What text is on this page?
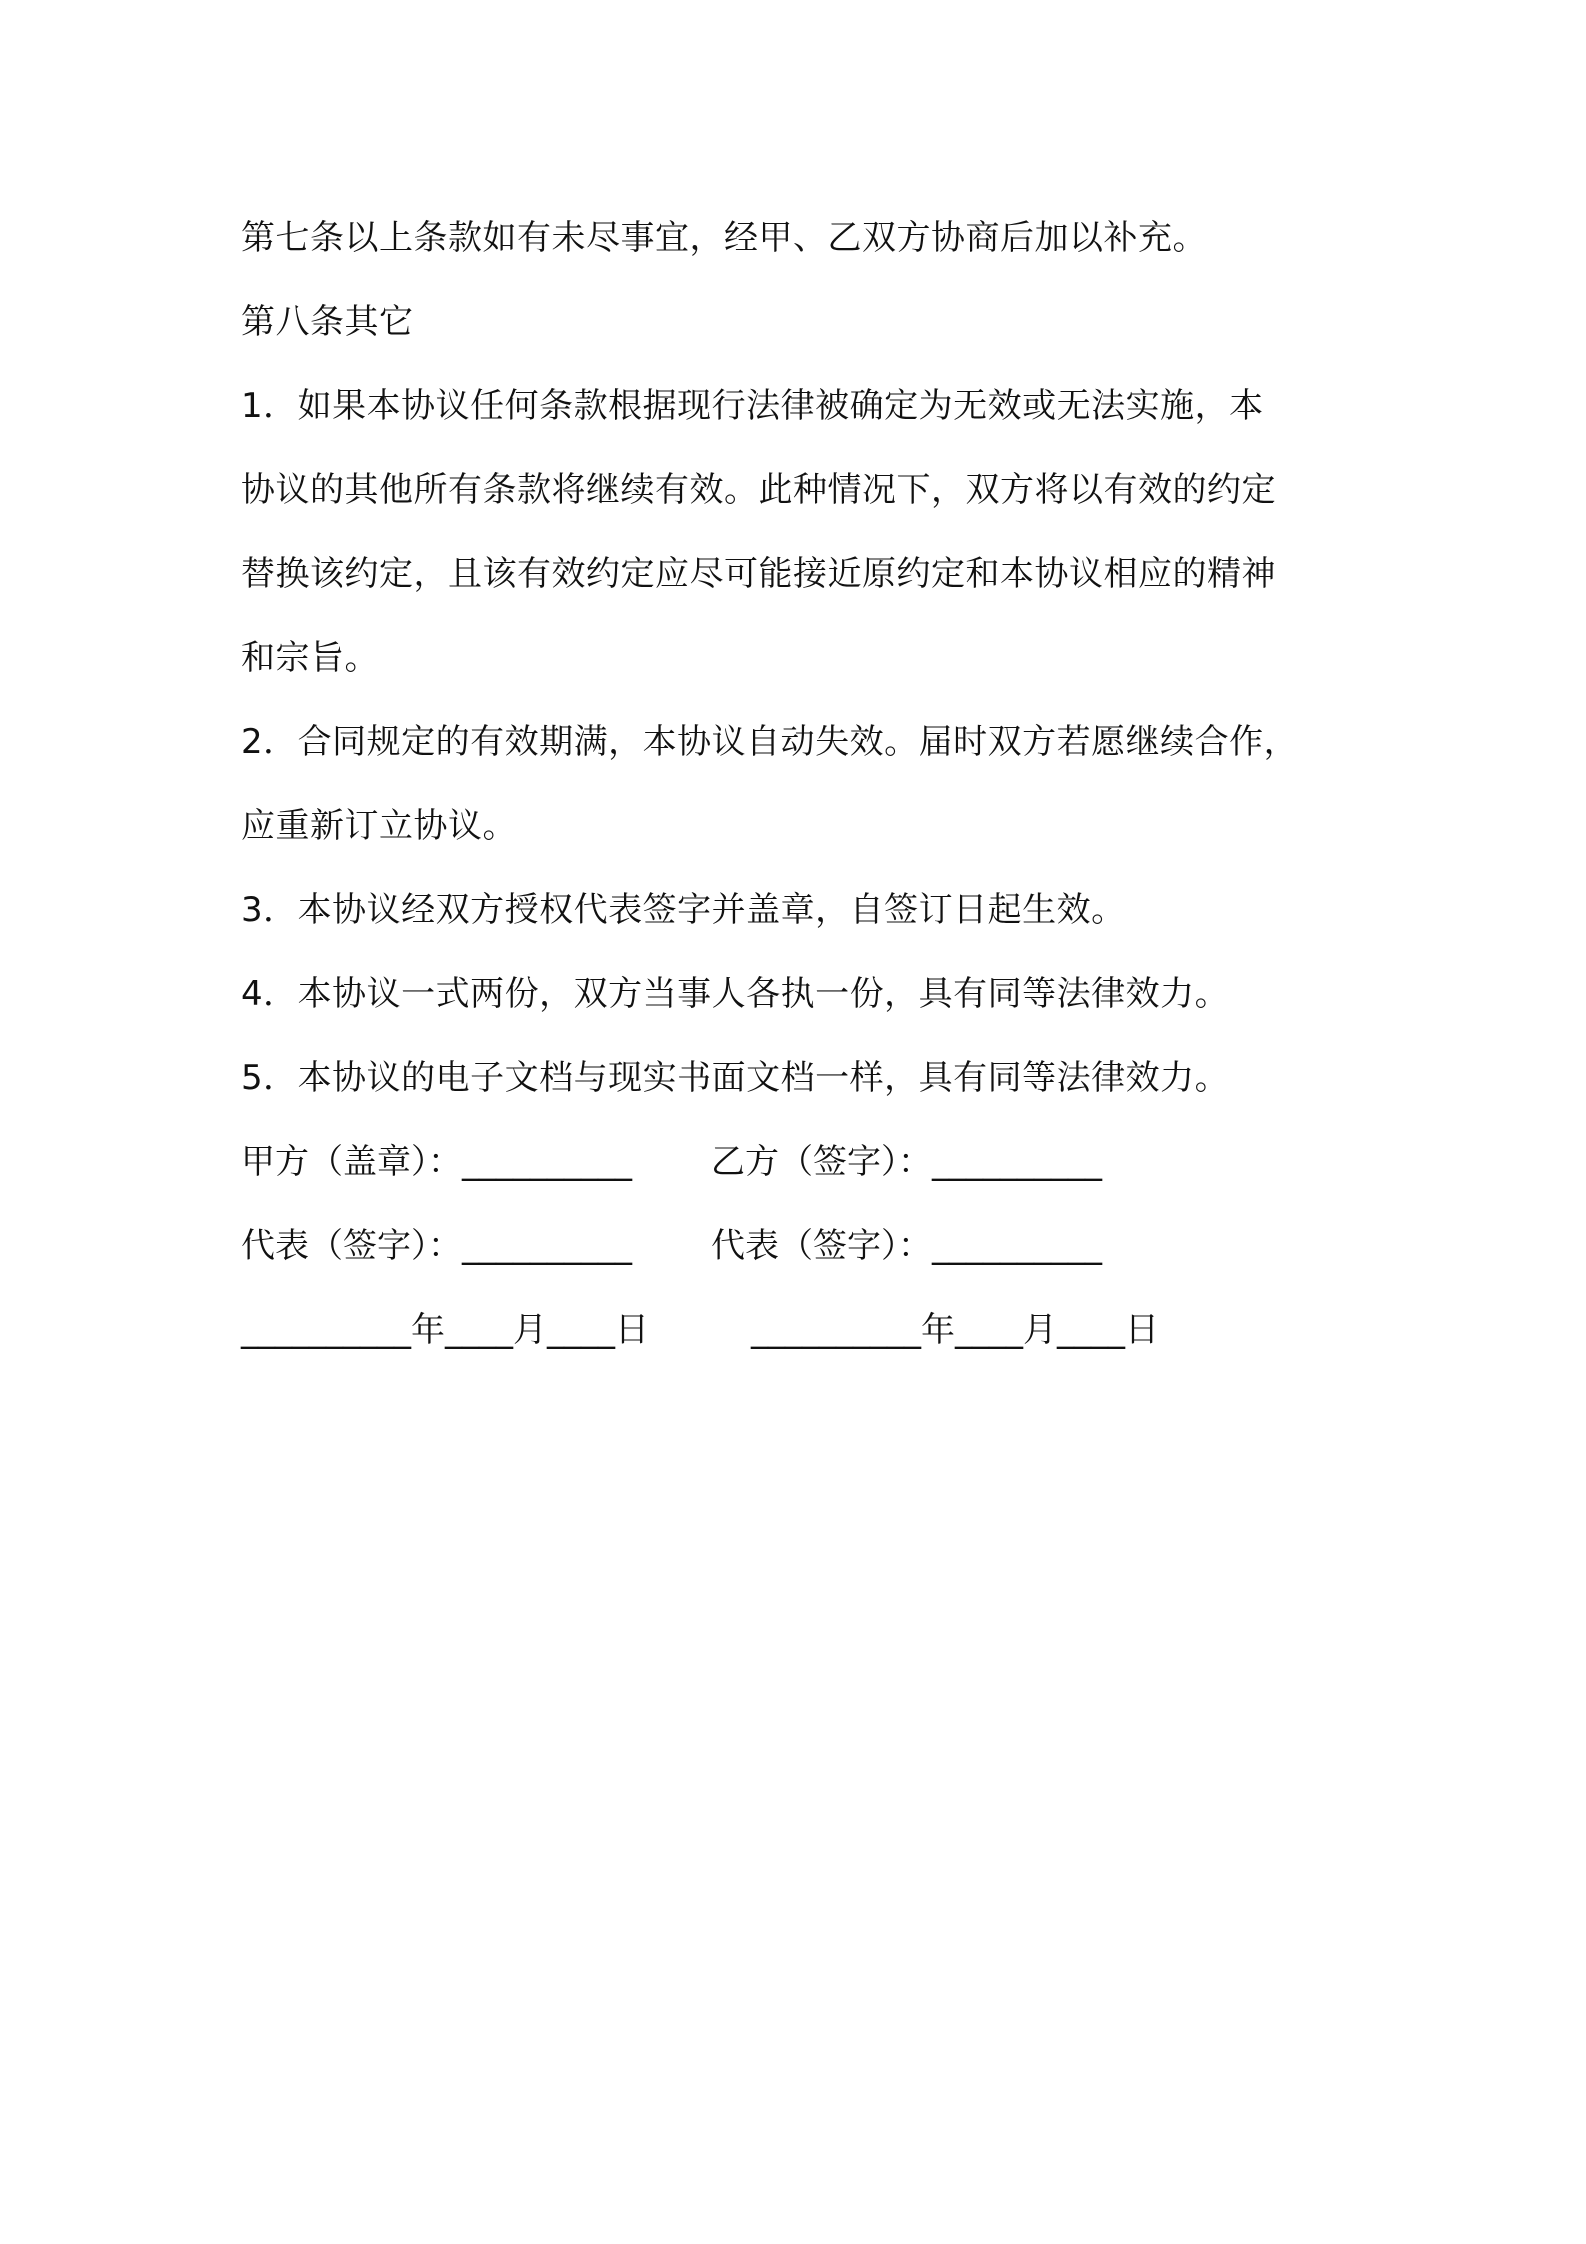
第七条以上条款如有未尽事宜，经甲、乙双方协商后加以补充。
第八条其它
1．如果本协议任何条款根据现行法律被确定为无效或无法实施，本
协议的其他所有条款将继续有效。此种情况下，双方将以有效的约定
替换该约定，且该有效约定应尽可能接近原约定和本协议相应的精神
和宗旨。
2．合同规定的有效期满，本协议自动失效。届时双方若愿继续合作，
应重新订立协议。
3．本协议经双方授权代表签字并盖章，自签订日起生效。
4．本协议一式两份，双方当事人各执一份，具有同等法律效力。
5．本协议的电子文档与现实书面文档一样，具有同等法律效力。
甲方（盖章）：__________ 乙方（签字）：__________
代表（签字）：__________ 代表（签字）：__________
__________年____月____日	__________年____月____日
